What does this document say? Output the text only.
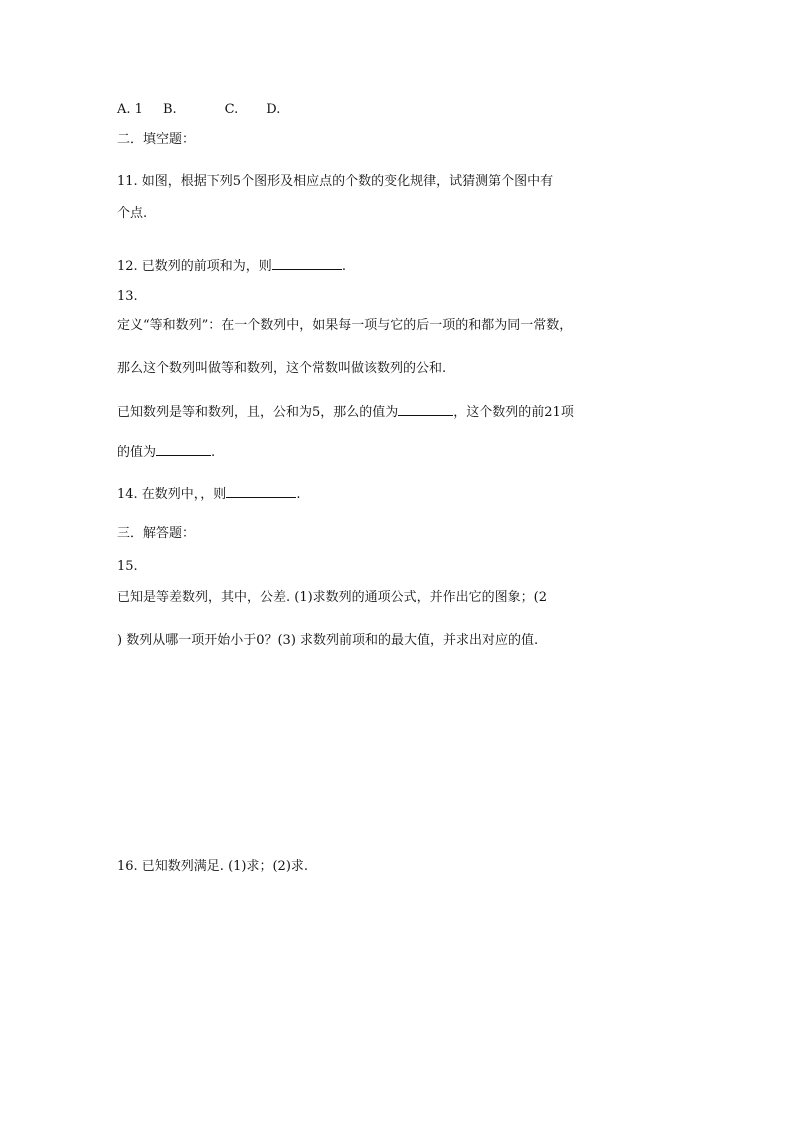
A. 1 B.	C. D.
二．填空题：
11. 如图，根据下列5个图形及相应点的个数的变化规律，试猜测第个图中有
个点.
12. 已数列的前项和为，则	.
13.
定义“等和数列”：在一个数列中，如果每一项与它的后一项的和都为同一常数，
那么这个数列叫做等和数列，这个常数叫做该数列的公和.
已知数列是等和数列，且，公和为5，那么的值为	，这个数列的前21项
的值为	.
14. 在数列中，，则	.
三．解答题：
15.
已知是等差数列，其中，公差. (1)求数列的通项公式，并作出它的图象；(2
) 数列从哪一项开始小于0？(3) 求数列前项和的最大值，并求出对应的值.
16. 已知数列满足. (1)求；(2)求.
